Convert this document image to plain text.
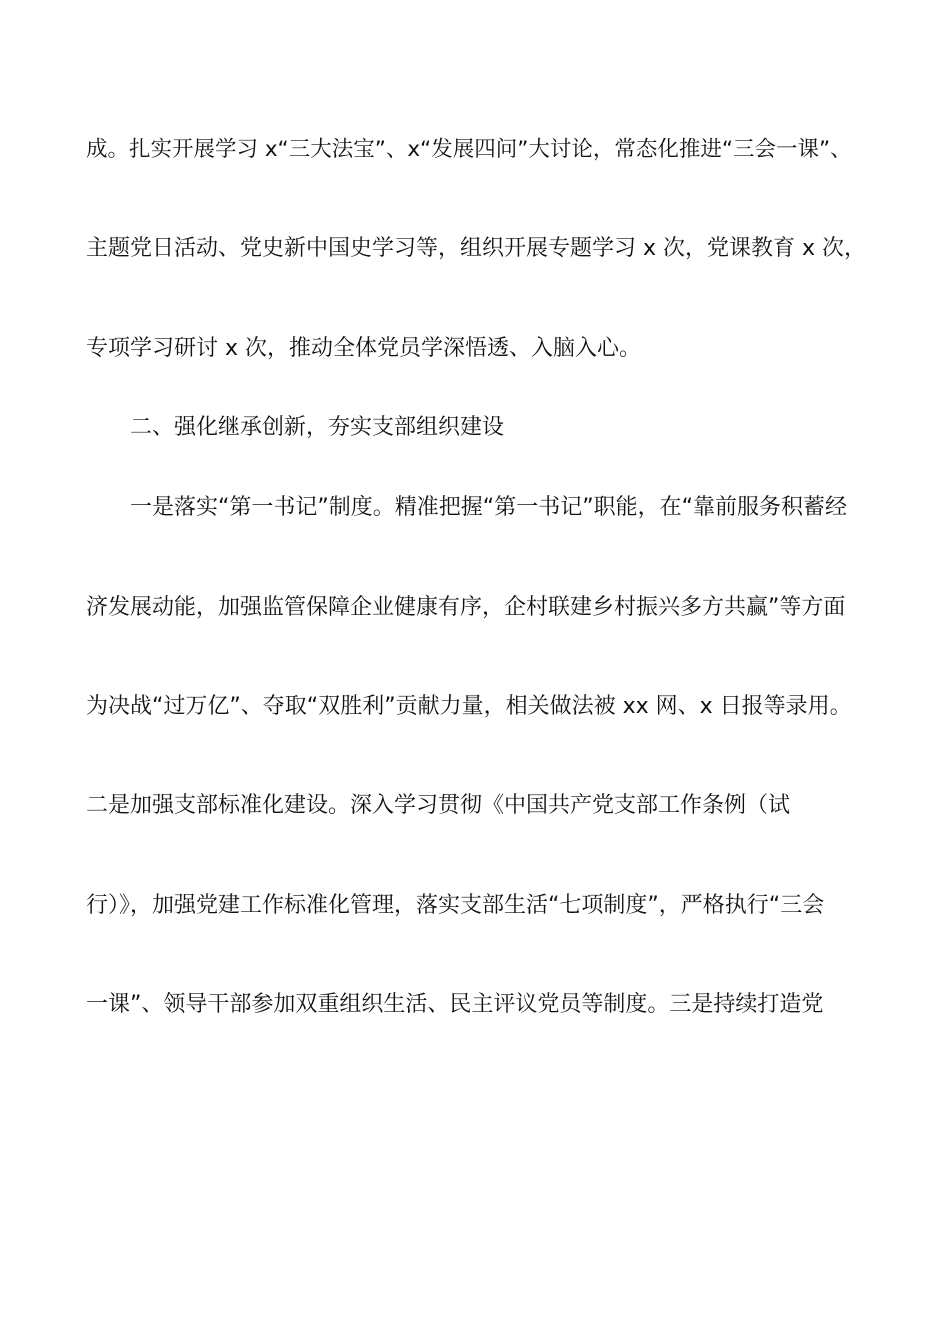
成。扎实开展学习 x“三大法宝”、x“发展四问”大讨论，常态化推进“三会一课”、
主题党日活动、党史新中国史学习等，组织开展专题学习 x 次，党课教育 x 次，
专项学习研讨 x 次，推动全体党员学深悟透、入脑入心。
二、强化继承创新，夯实支部组织建设
一是落实“第一书记”制度。精准把握“第一书记”职能，在“靠前服务积蓄经
济发展动能，加强监管保障企业健康有序，企村联建乡村振兴多方共赢”等方面
为决战“过万亿”、夺取“双胜利”贡献力量，相关做法被 xx 网、x 日报等录用。
二是加强支部标准化建设。深入学习贯彻《中国共产党支部工作条例（试
行）》，加强党建工作标准化管理，落实支部生活“七项制度”，严格执行“三会
一课”、领导干部参加双重组织生活、民主评议党员等制度。三是持续打造党
